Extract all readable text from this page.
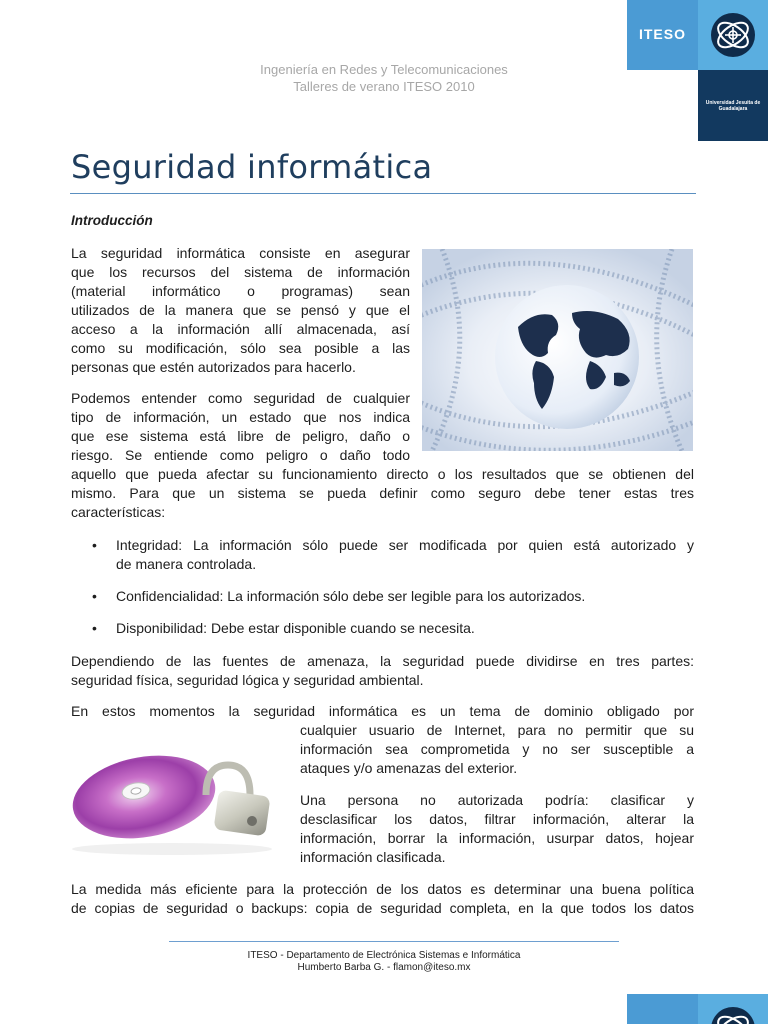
ITESO
Universidad Jesuita de Guadalajara
Ingeniería en Redes y Telecomunicaciones
Talleres de verano ITESO 2010
Seguridad informática
Introducción
La seguridad informática consiste en asegurar
que los recursos del sistema de información
(material informático o programas) sean
utilizados de la manera que se pensó y que el
acceso a la información allí almacenada, así
como su modificación, sólo sea posible a las
personas que estén autorizados para hacerlo.
Podemos entender como seguridad de cualquier
tipo de información, un estado que nos indica
que ese sistema está libre de peligro, daño o
riesgo. Se entiende como peligro o daño todo
aquello que pueda afectar su funcionamiento directo o los resultados que se obtienen del
mismo. Para que un sistema se pueda definir como seguro debe tener estas tres
características:
• Integridad: La información sólo puede ser modificada por quien está autorizado y
de manera controlada.
• Confidencialidad: La información sólo debe ser legible para los autorizados.
• Disponibilidad: Debe estar disponible cuando se necesita.
Dependiendo de las fuentes de amenaza, la seguridad puede dividirse en tres partes:
seguridad física, seguridad lógica y seguridad ambiental.
En estos momentos la seguridad informática es un tema de dominio obligado por
cualquier usuario de Internet, para no permitir que su
información sea comprometida y no ser susceptible a
ataques y/o amenazas del exterior.
Una persona no autorizada podría: clasificar y
desclasificar los datos, filtrar información, alterar la
información, borrar la información, usurpar datos, hojear
información clasificada.
La medida más eficiente para la protección de los datos es determinar una buena política
de copias de seguridad o backups: copia de seguridad completa, en la que todos los datos
ITESO - Departamento de Electrónica Sistemas e Informática
Humberto Barba G. - flamon@iteso.mx
